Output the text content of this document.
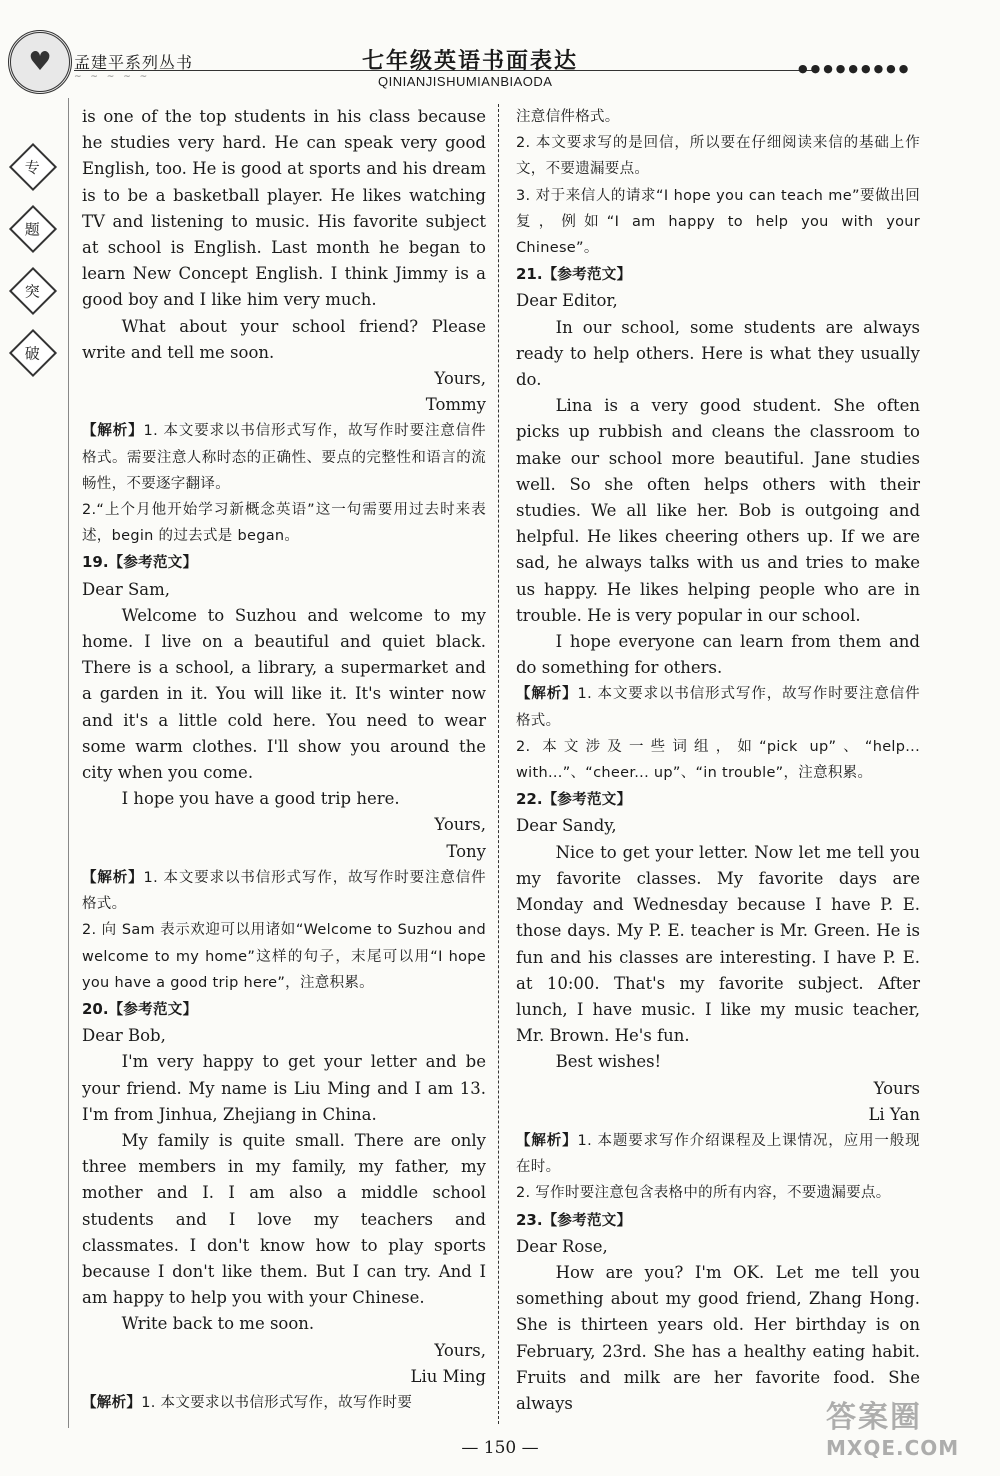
♥ 孟建平系列丛书
~ ~ ~ ~ ~
七年级英语书面表达
QINIANJISHUMIANBIAODA
●●●●●●●●●
专
题
突
破

is one of the top students in his class because he studies very hard. He can speak very good English, too. He is good at sports and his dream is to be a basketball player. He likes watching TV and listening to music. His favorite subject at school is English. Last month he began to learn New Concept English. I think Jimmy is a good boy and I like him very much.

What about your school friend? Please write and tell me soon.

Yours,

Tommy

【解析】1. 本文要求以书信形式写作，故写作时要注意信件格式。需要注意人称时态的正确性、要点的完整性和语言的流畅性，不要逐字翻译。

2.“上个月他开始学习新概念英语”这一句需要用过去时来表述，begin 的过去式是 began。

19.【参考范文】

Dear Sam,

Welcome to Suzhou and welcome to my home. I live on a beautiful and quiet black. There is a school, a library, a supermarket and a garden in it. You will like it. It's winter now and it's a little cold here. You need to wear some warm clothes. I'll show you around the city when you come.

I hope you have a good trip here.

Yours,

Tony

【解析】1. 本文要求以书信形式写作，故写作时要注意信件格式。

2. 向 Sam 表示欢迎可以用诸如“Welcome to Suzhou and welcome to my home”这样的句子，末尾可以用“I hope you have a good trip here”，注意积累。

20.【参考范文】

Dear Bob,

I'm very happy to get your letter and be your friend. My name is Liu Ming and I am 13. I'm from Jinhua, Zhejiang in China.

My family is quite small. There are only three members in my family, my father, my mother and I. I am also a middle school students and I love my teachers and classmates. I don't know how to play sports because I don't like them. But I can try. And I am happy to help you with your Chinese.

Write back to me soon.

Yours,

Liu Ming

【解析】1. 本文要求以书信形式写作，故写作时要

注意信件格式。

2. 本文要求写的是回信，所以要在仔细阅读来信的基础上作文，不要遗漏要点。

3. 对于来信人的请求“I hope you can teach me”要做出回复，例如“I am happy to help you with your Chinese”。

21.【参考范文】

Dear Editor,

In our school, some students are always ready to help others. Here is what they usually do.

Lina is a very good student. She often picks up rubbish and cleans the classroom to make our school more beautiful. Jane studies well. So she often helps others with their studies. We all like her. Bob is outgoing and helpful. He likes cheering others up. If we are sad, he always talks with us and tries to make us happy. He likes helping people who are in trouble. He is very popular in our school.

I hope everyone can learn from them and do something for others.

【解析】1. 本文要求以书信形式写作，故写作时要注意信件格式。

2. 本文涉及一些词组，如“pick up”、“help... with...”、“cheer... up”、“in trouble”，注意积累。

22.【参考范文】

Dear Sandy,

Nice to get your letter. Now let me tell you my favorite classes. My favorite days are Monday and Wednesday because I have P. E. those days. My P. E. teacher is Mr. Green. He is fun and his classes are interesting. I have P. E. at 10:00. That's my favorite subject. After lunch, I have music. I like my music teacher, Mr. Brown. He's fun.

Best wishes!

Yours

Li Yan

【解析】1. 本题要求写作介绍课程及上课情况，应用一般现在时。

2. 写作时要注意包含表格中的所有内容，不要遗漏要点。

23.【参考范文】

Dear Rose,

How are you? I'm OK. Let me tell you something about my good friend, Zhang Hong. She is thirteen years old. Her birthday is on February, 23rd. She has a healthy eating habit. Fruits and milk are her favorite food. She always

— 150 —
答案圈
MXQE.COM
